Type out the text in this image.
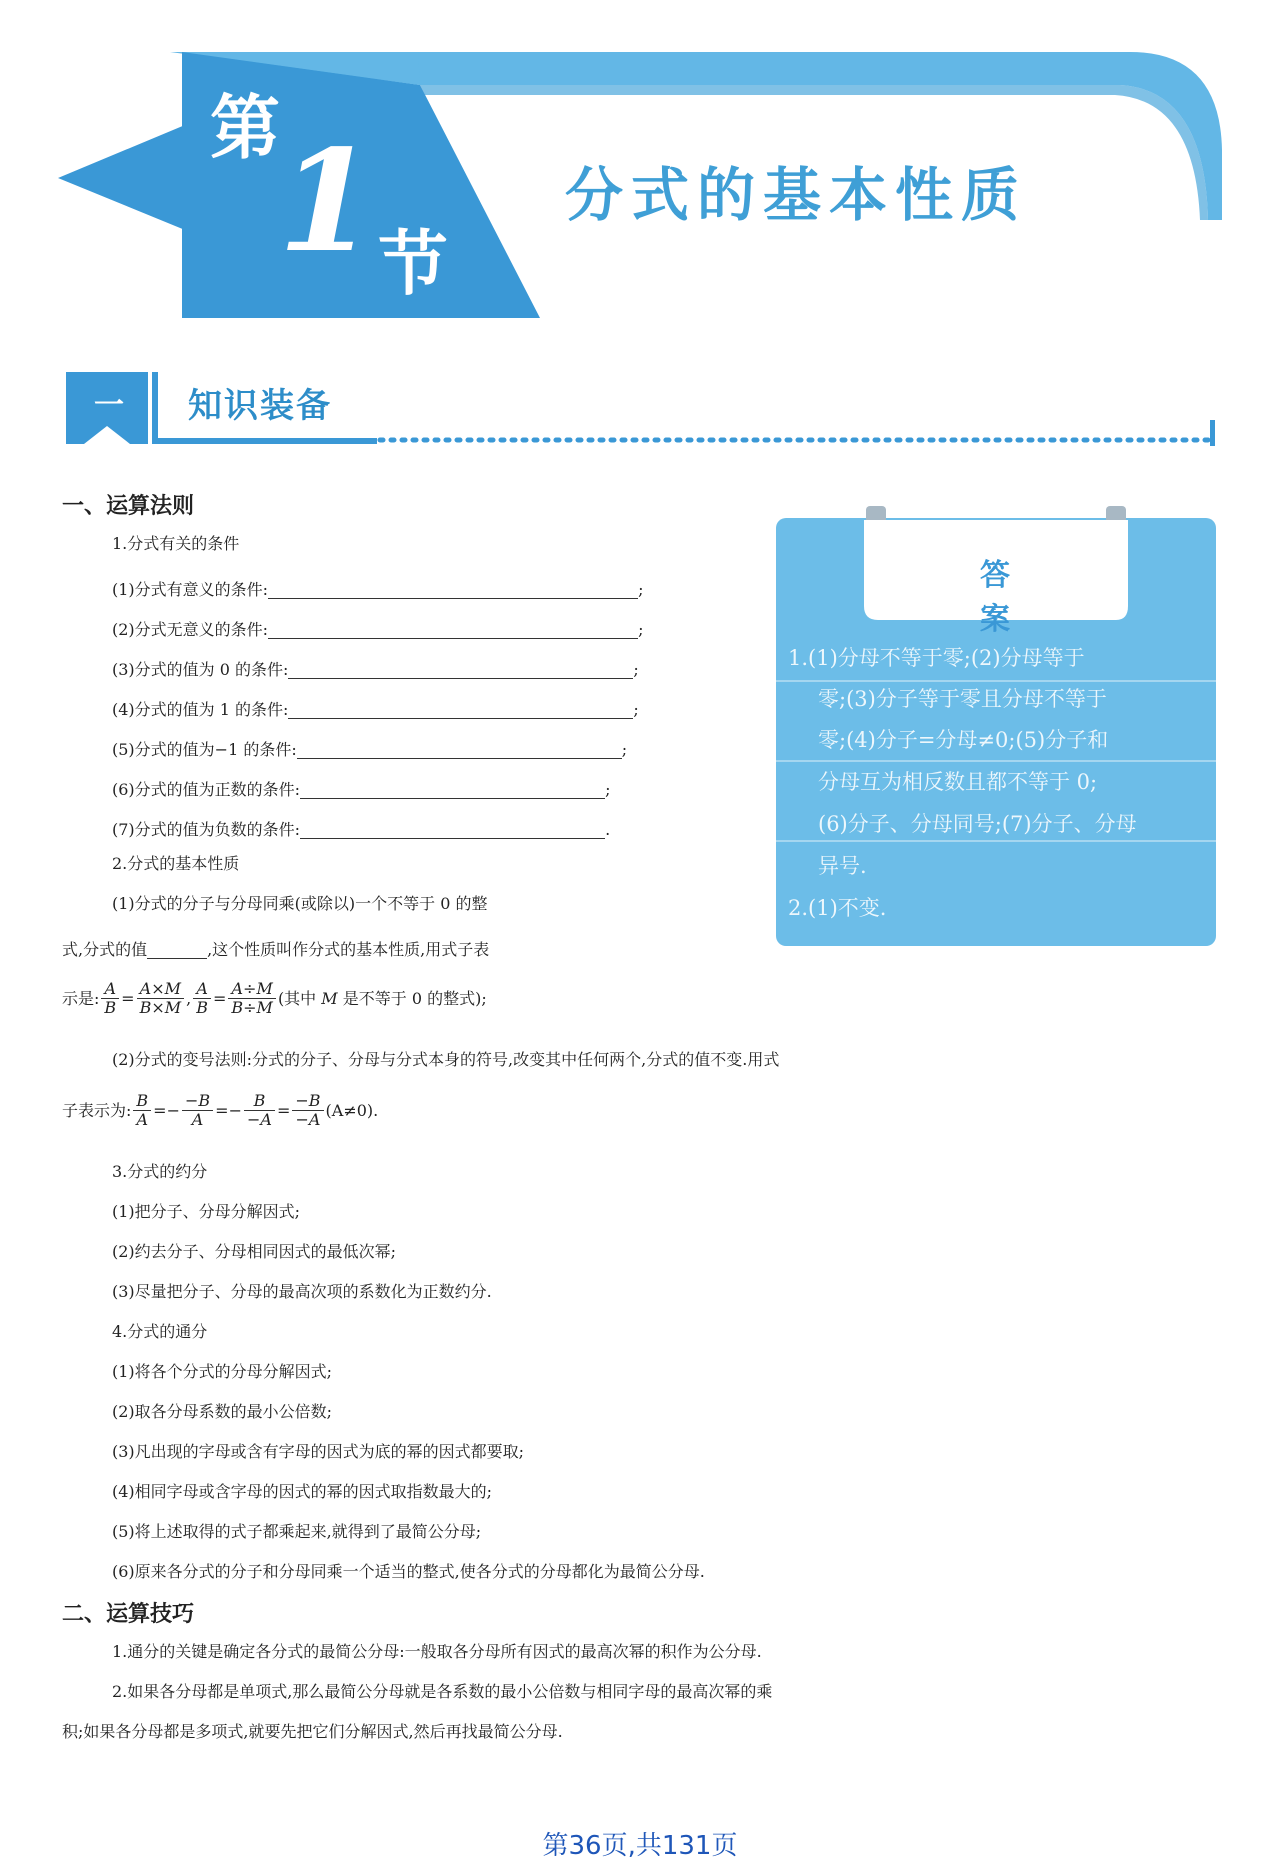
第
1 节
分式的基本性质
一	知识装备
答 案
1.(1)分母不等于零;(2)分母等于
零;(3)分子等于零且分母不等于
零;(4)分子=分母≠0;(5)分子和
分母互为相反数且都不等于 0;
(6)分子、分母同号;(7)分子、分母
异号.
2.(1)不变.
一、运算法则
1.分式有关的条件
(1)分式有意义的条件:	;
(2)分式无意义的条件:	;
(3)分式的值为 0 的条件:	;
(4)分式的值为 1 的条件:	;
(5)分式的值为−1 的条件:	;
(6)分式的值为正数的条件:	;
(7)分式的值为负数的条件:	.
2.分式的基本性质
(1)分式的分子与分母同乘(或除以)一个不等于 0 的整
式,分式的值	,这个性质叫作分式的基本性质,用式子表
示是: $\frac{A}{B} = \frac{A\times M}{B\times M}$ , $\frac{A}{B} = \frac{A\div M}{B\div M}$ (其中 M 是不等于 0 的整式);
(2)分式的变号法则:分式的分子、分母与分式本身的符号,改变其中任何两个,分式的值不变.用式
子表示为: $\frac{B}{A} =- \frac{-B}{A} =- \frac{B}{-A} = \frac{-B}{-A} (A\ne 0)$.
3.分式的约分
(1)把分子、分母分解因式;
(2)约去分子、分母相同因式的最低次幂;
(3)尽量把分子、分母的最高次项的系数化为正数约分.
4.分式的通分
(1)将各个分式的分母分解因式;
(2)取各分母系数的最小公倍数;
(3)凡出现的字母或含有字母的因式为底的幂的因式都要取;
(4)相同字母或含字母的因式的幂的因式取指数最大的;
(5)将上述取得的式子都乘起来,就得到了最简公分母;
(6)原来各分式的分子和分母同乘一个适当的整式,使各分式的分母都化为最简公分母.
二、运算技巧
1.通分的关键是确定各分式的最简公分母:一般取各分母所有因式的最高次幂的积作为公分母.
2.如果各分母都是单项式,那么最简公分母就是各系数的最小公倍数与相同字母的最高次幂的乘
积;如果各分母都是多项式,就要先把它们分解因式,然后再找最简公分母.
第36页,共131页
